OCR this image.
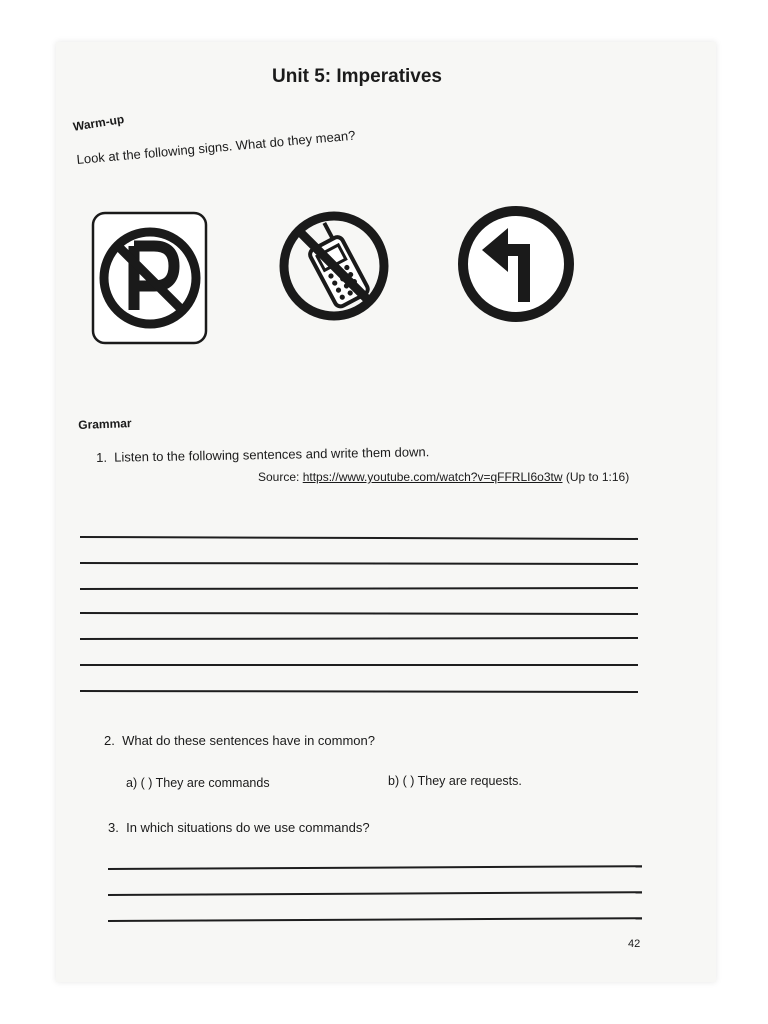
Unit 5: Imperatives
Warm-up
Look at the following signs. What do they mean?
Grammar
1. Listen to the following sentences and write them down.
Source: https://www.youtube.com/watch?v=qFFRLI6o3tw (Up to 1:16)
2. What do these sentences have in common?
a) ( ) They are commands	b) ( ) They are requests.
3. In which situations do we use commands?
42
